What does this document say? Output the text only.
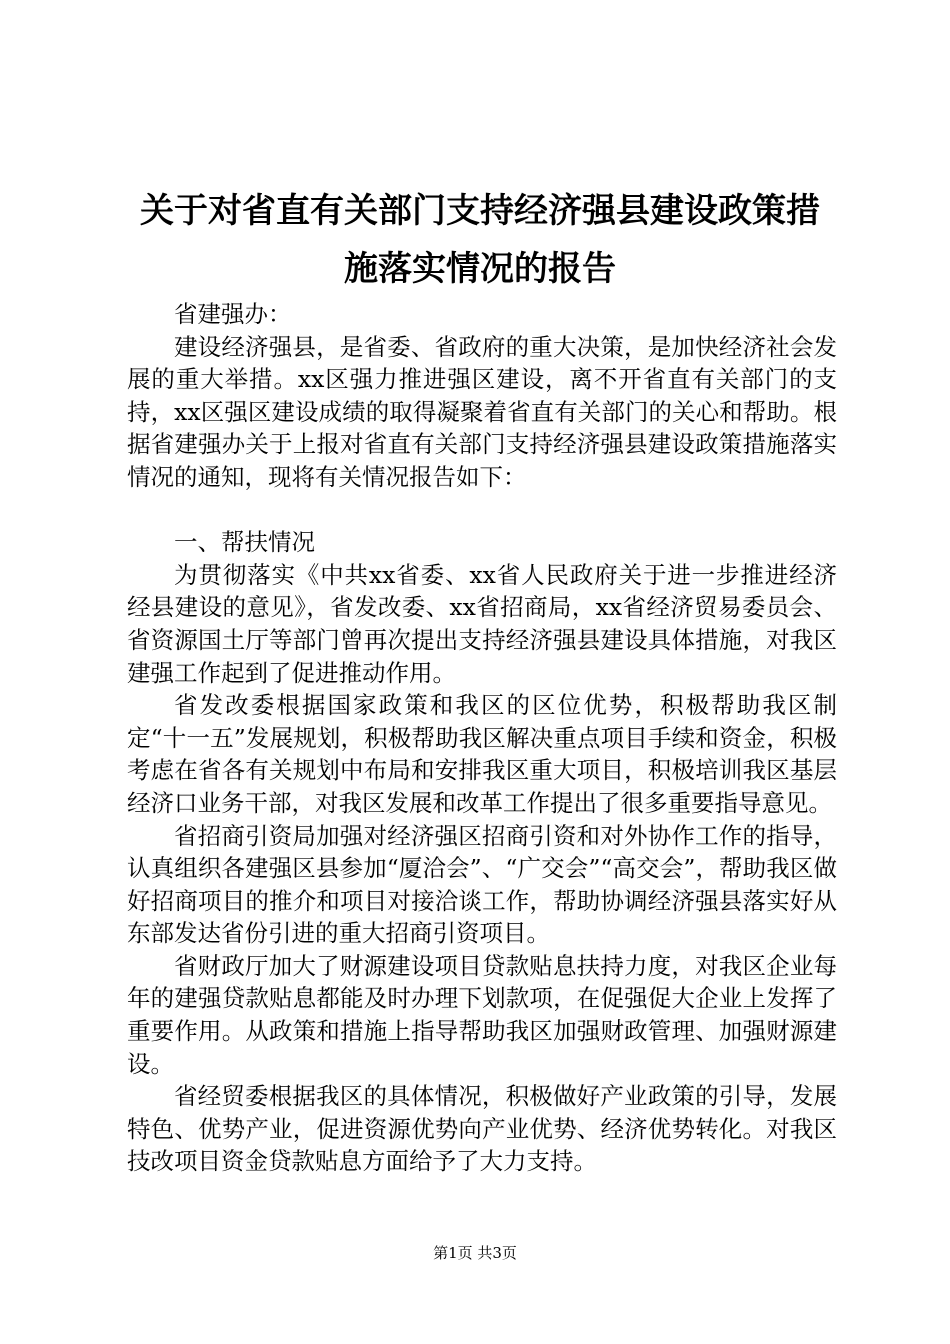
关于对省直有关部门支持经济强县建设政策措
施落实情况的报告

省建强办：

建设经济强县，是省委、省政府的重大决策，是加快经济社会发展的重大举措。xx区强力推进强区建设，离不开省直有关部门的支持，xx区强区建设成绩的取得凝聚着省直有关部门的关心和帮助。根据省建强办关于上报对省直有关部门支持经济强县建设政策措施落实情况的通知，现将有关情况报告如下：

一、帮扶情况

为贯彻落实《中共xx省委、xx省人民政府关于进一步推进经济经县建设的意见》，省发改委、xx省招商局，xx省经济贸易委员会、省资源国土厅等部门曾再次提出支持经济强县建设具体措施，对我区建强工作起到了促进推动作用。

省发改委根据国家政策和我区的区位优势，积极帮助我区制定“十一五”发展规划，积极帮助我区解决重点项目手续和资金，积极考虑在省各有关规划中布局和安排我区重大项目，积极培训我区基层经济口业务干部，对我区发展和改革工作提出了很多重要指导意见。

省招商引资局加强对经济强区招商引资和对外协作工作的指导，认真组织各建强区县参加“厦洽会”、“广交会”“高交会”，帮助我区做好招商项目的推介和项目对接洽谈工作，帮助协调经济强县落实好从东部发达省份引进的重大招商引资项目。

省财政厅加大了财源建设项目贷款贴息扶持力度，对我区企业每年的建强贷款贴息都能及时办理下划款项，在促强促大企业上发挥了重要作用。从政策和措施上指导帮助我区加强财政管理、加强财源建设。

省经贸委根据我区的具体情况，积极做好产业政策的引导，发展特色、优势产业，促进资源优势向产业优势、经济优势转化。对我区技改项目资金贷款贴息方面给予了大力支持。

第1页 共3页
